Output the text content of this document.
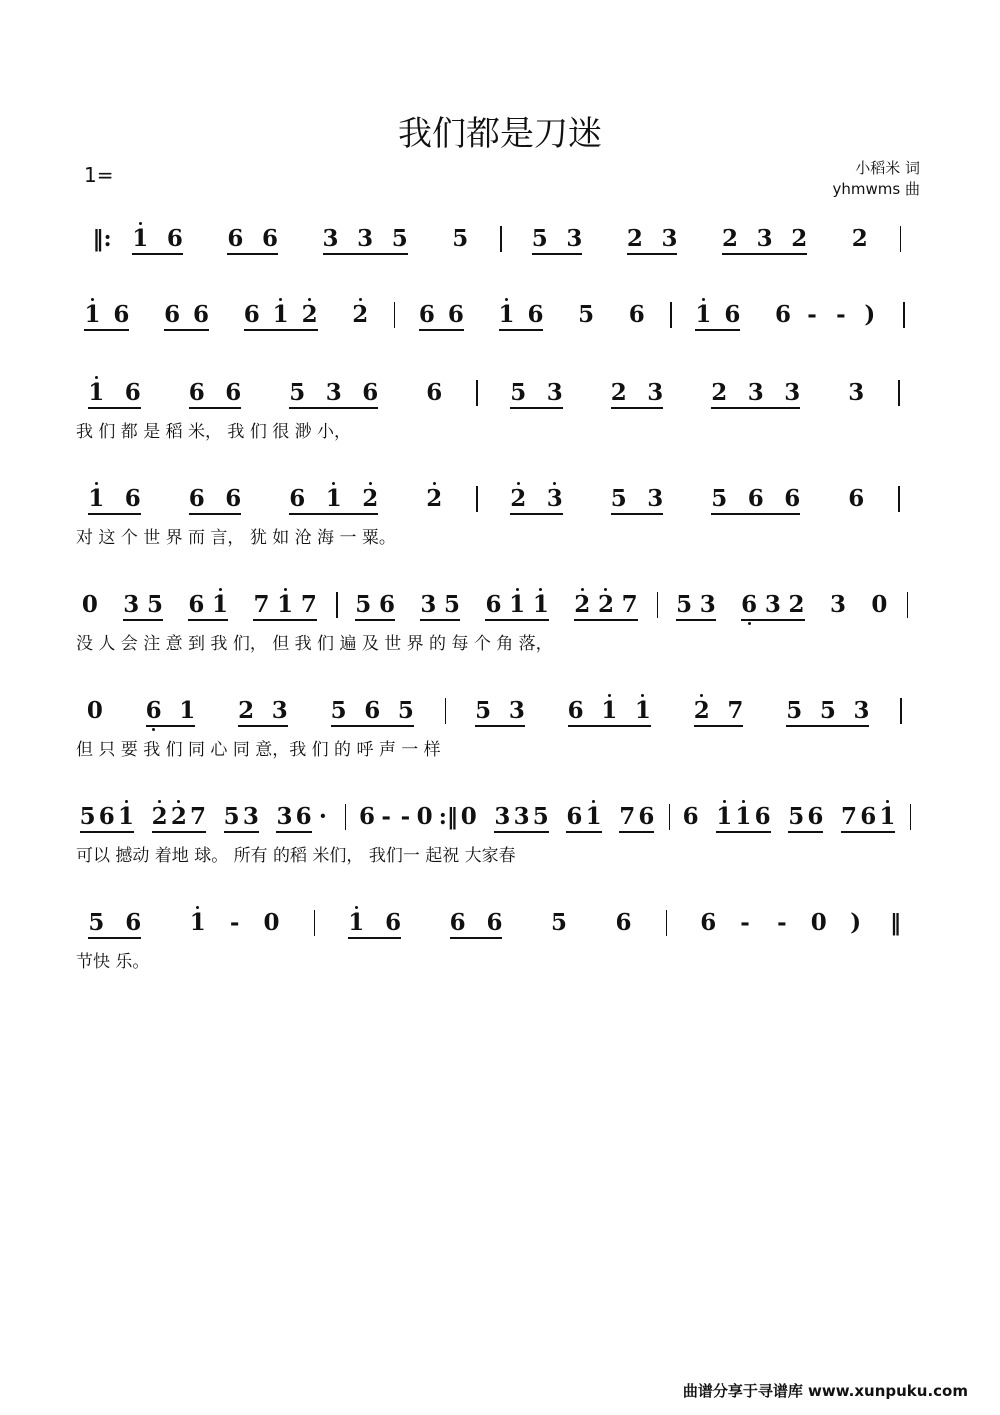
我们都是刀迷
1=	小稻米 词
yhmwms 曲
曲谱分享于寻谱库 www.xunpuku.com
‖: 1 6 6 6 3 3 5 5	5 3 2 3 2 3 2 2
1 6 6 6 6 1 2 2 6 6 1 6 5 6 1 6 6 - - )
1 6 6 6 5 3 6 6	5 3 2 3 2 3 3 3
我 们 都 是 稻 米， 我 们 很 渺 小，
1 6 6 6 6 1 2 2	2 3 5 3 5 6 6 6
对 这 个 世 界 而 言， 犹 如 沧 海 一 粟。
0 3 5 6 1 7 1 7 5 6 3 5 6 1 1 2 2 7 5 3 6 3 2 3 0
没 人 会 注 意 到 我 们， 但 我 们 遍 及 世 界 的 每 个 角 落，
0 6 1 2 3 5 6 5	5 3 6 1 1 2 7 5 5 3
但 只 要 我 们 同 心 同 意，我 们 的 呼 声 一 样
5 6 1 2 2 7 5 3 3 6 · 6 - - 0 :‖ 0 3 3 5 6 1 7 6 6 1 1 6 5 6 7 6 1
可以 撼动 着地 球。 所有 的稻 米们， 我们一 起祝 大家春
5 6 1 - 0	1 6 6 6 5 6	6 - - 0 ) ‖
节快 乐。
